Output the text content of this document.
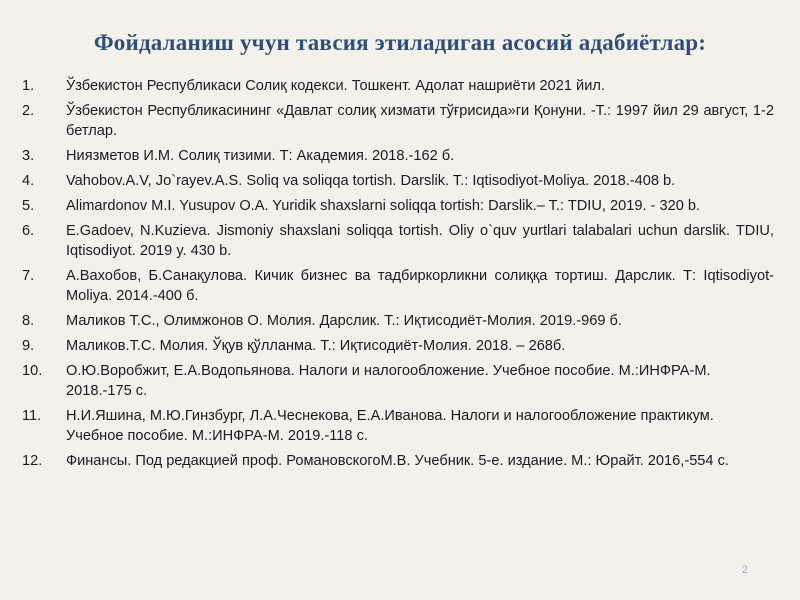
Фойдаланиш учун тавсия этиладиган асосий адабиётлар:
1.	Ўзбекистон Республикаси Солиқ кодекси. Тошкент. Адолат нашриёти 2021 йил.
2.	Ўзбекистон Республикасининг «Давлат солиқ хизмати тўғрисида»ги Қонуни. -Т.: 1997 йил 29 август, 1-2 бетлар.
3.	Ниязметов И.М. Солиқ тизими. Т: Академия. 2018.-162 б.
4.	Vahobov.A.V, Jo`rayev.A.S. Soliq va soliqqa tortish. Darslik. T.: Iqtisodiyot-Moliya. 2018.-408 b.
5.	Alimardonov M.I. Yusupov O.A. Yuridik shaxslarni soliqqa tortish: Darslik.– T.: TDIU, 2019. - 320 b.
6.	E.Gadoev, N.Kuzieva. Jismoniy shaxslani soliqqa tortish. Oliy o`quv yurtlari talabalari uchun darslik. TDIU, Iqtisodiyot. 2019 y. 430 b.
7.	А.Вахобов, Б.Санақулова. Кичик бизнес ва тадбиркорликни солиққа тортиш. Дарслик. Т: Iqtisodiyot-Moliya. 2014.-400 б.
8.	Маликов Т.С., Олимжонов О. Молия. Дарслик. Т.: Иқтисодиёт-Молия. 2019.-969 б.
9.	Маликов.Т.С. Молия. Ўқув қўлланма. Т.: Иқтисодиёт-Молия. 2018. – 268б.
10.	О.Ю.Воробжит, Е.А.Водопьянова. Налоги и налогообложение. Учебное пособие. М.:ИНФРА-М. 2018.-175 с.
11.	Н.И.Яшина, М.Ю.Гинзбург, Л.А.Чеснекова, Е.А.Иванова. Налоги и налогообложение практикум. Учебное пособие. М.:ИНФРА-М. 2019.-118 с.
12.	Финансы. Под редакцией проф. РомановскогоМ.В. Учебник. 5-е. издание. М.: Юрайт. 2016,-554 с.
2
